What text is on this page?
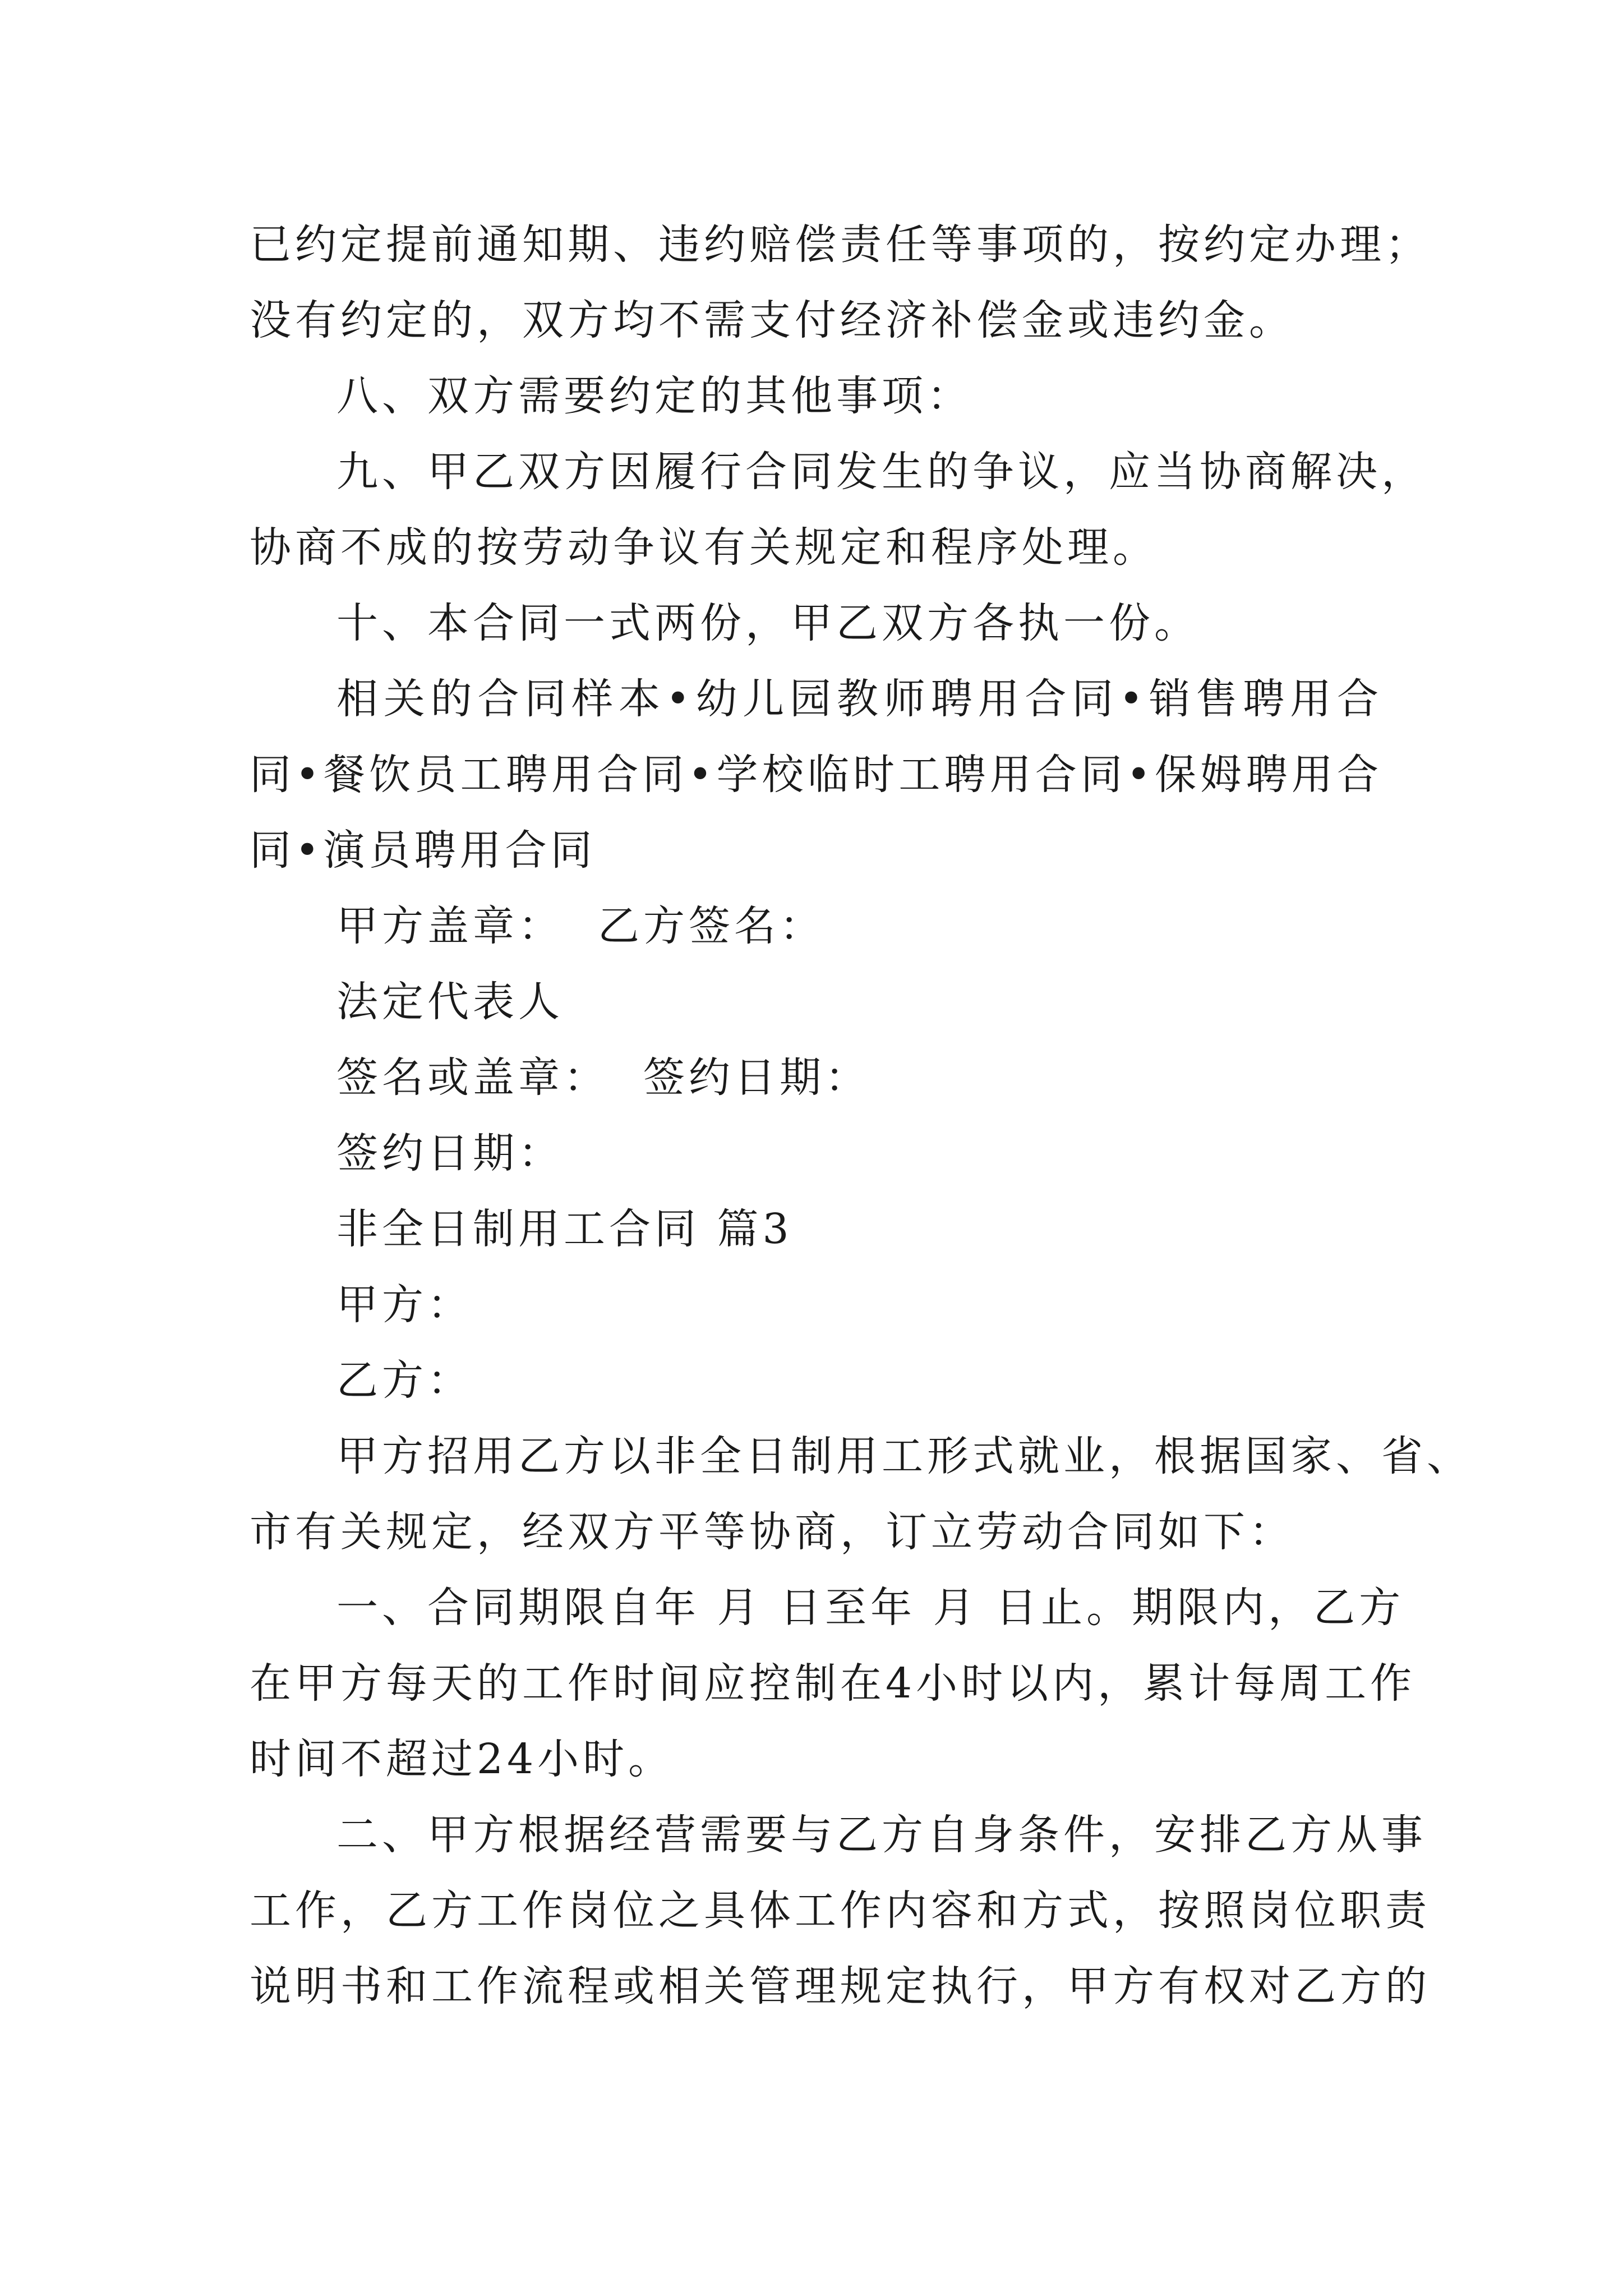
已约定提前通知期、违约赔偿责任等事项的，按约定办理；
没有约定的，双方均不需支付经济补偿金或违约金。
八、双方需要约定的其他事项：
九、甲乙双方因履行合同发生的争议，应当协商解决，
协商不成的按劳动争议有关规定和程序处理。
十、本合同一式两份，甲乙双方各执一份。
相关的合同样本•幼儿园教师聘用合同•销售聘用合
同•餐饮员工聘用合同•学校临时工聘用合同•保姆聘用合
同•演员聘用合同
甲方盖章：  乙方签名：
法定代表人
签名或盖章：  签约日期：
签约日期：
非全日制用工合同 篇3
甲方：
乙方：
甲方招用乙方以非全日制用工形式就业，根据国家、省、
市有关规定，经双方平等协商，订立劳动合同如下：
一、合同期限自年 月 日至年 月 日止。期限内，乙方
在甲方每天的工作时间应控制在4小时以内，累计每周工作
时间不超过24小时。
二、甲方根据经营需要与乙方自身条件，安排乙方从事
工作，乙方工作岗位之具体工作内容和方式，按照岗位职责
说明书和工作流程或相关管理规定执行，甲方有权对乙方的
